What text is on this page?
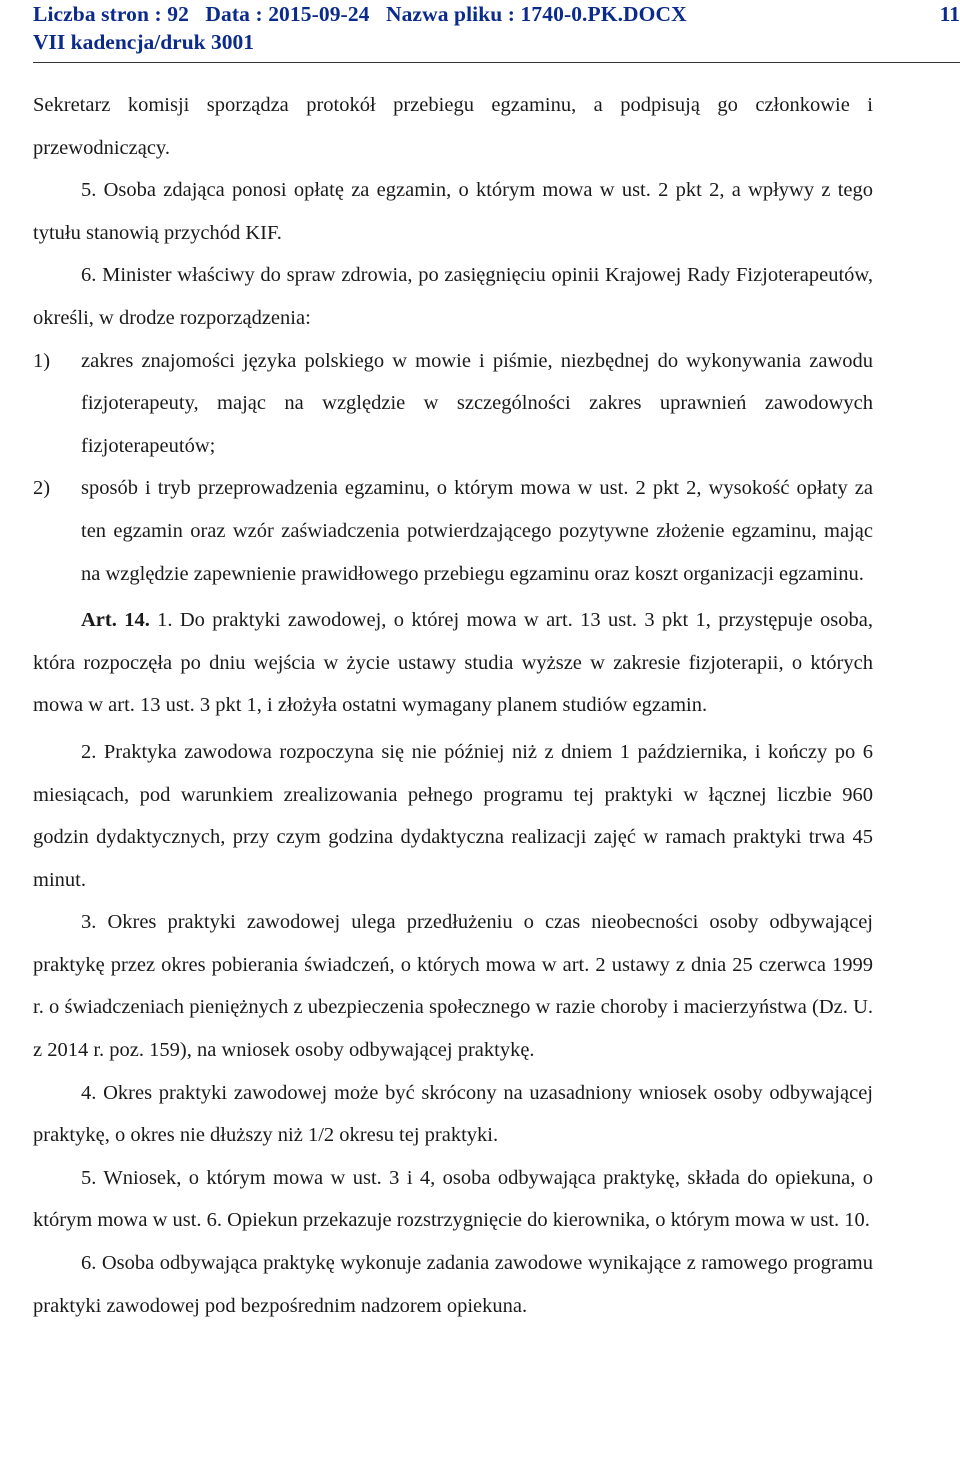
Liczba stron : 92   Data : 2015-09-24   Nazwa pliku : 1740-0.PK.DOCX
VII kadencja/druk 3001
11

Sekretarz komisji sporządza protokół przebiegu egzaminu, a podpisują go członkowie i przewodniczący.

5. Osoba zdająca ponosi opłatę za egzamin, o którym mowa w ust. 2 pkt 2, a wpływy z tego tytułu stanowią przychód KIF.

6. Minister właściwy do spraw zdrowia, po zasięgnięciu opinii Krajowej Rady Fizjoterapeutów, określi, w drodze rozporządzenia:

1)	zakres znajomości języka polskiego w mowie i piśmie, niezbędnej do wykonywania zawodu fizjoterapeuty, mając na względzie w szczególności zakres uprawnień zawodowych fizjoterapeutów;
2)	sposób i tryb przeprowadzenia egzaminu, o którym mowa w ust. 2 pkt 2, wysokość opłaty za ten egzamin oraz wzór zaświadczenia potwierdzającego pozytywne złożenie egzaminu, mając na względzie zapewnienie prawidłowego przebiegu egzaminu oraz koszt organizacji egzaminu.

Art. 14. 1. Do praktyki zawodowej, o której mowa w art. 13 ust. 3 pkt 1, przystępuje osoba, która rozpoczęła po dniu wejścia w życie ustawy studia wyższe w zakresie fizjoterapii, o których mowa w art. 13 ust. 3 pkt 1, i złożyła ostatni wymagany planem studiów egzamin.

2. Praktyka zawodowa rozpoczyna się nie później niż z dniem 1 października, i kończy po 6 miesiącach, pod warunkiem zrealizowania pełnego programu tej praktyki w łącznej liczbie 960 godzin dydaktycznych, przy czym godzina dydaktyczna realizacji zajęć w ramach praktyki trwa 45 minut.

3. Okres praktyki zawodowej ulega przedłużeniu o czas nieobecności osoby odbywającej praktykę przez okres pobierania świadczeń, o których mowa w art. 2 ustawy z dnia 25 czerwca 1999 r. o świadczeniach pieniężnych z ubezpieczenia społecznego w razie choroby i macierzyństwa (Dz. U. z 2014 r. poz. 159), na wniosek osoby odbywającej praktykę.

4. Okres praktyki zawodowej może być skrócony na uzasadniony wniosek osoby odbywającej praktykę, o okres nie dłuższy niż 1/2 okresu tej praktyki.

5. Wniosek, o którym mowa w ust. 3 i 4, osoba odbywająca praktykę, składa do opiekuna, o którym mowa w ust. 6. Opiekun przekazuje rozstrzygnięcie do kierownika, o którym mowa w ust. 10.

6. Osoba odbywająca praktykę wykonuje zadania zawodowe wynikające z ramowego programu praktyki zawodowej pod bezpośrednim nadzorem opiekuna.
